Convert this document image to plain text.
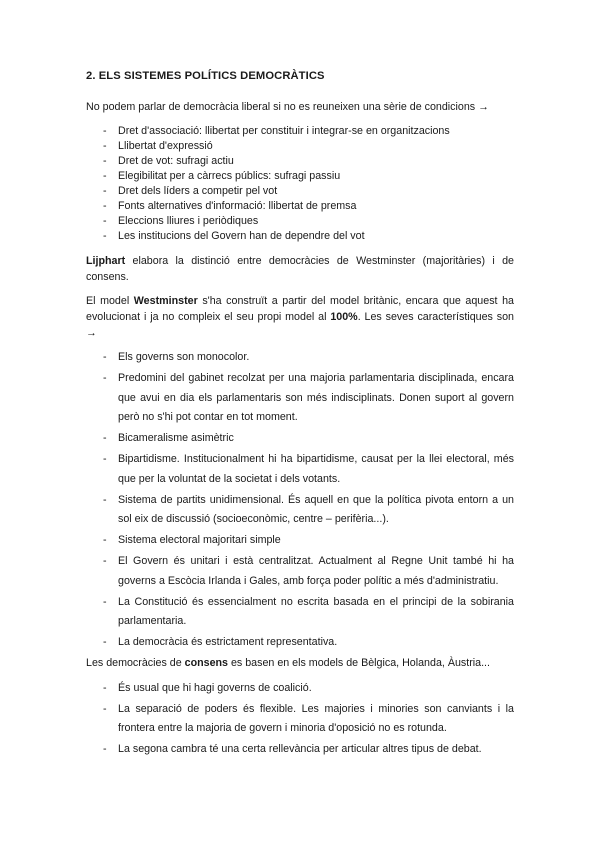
2. ELS SISTEMES POLÍTICS DEMOCRÀTICS

No podem parlar de democràcia liberal si no es reuneixen una sèrie de condicions →

- Dret d'associació: llibertat per constituir i integrar-se en organitzacions
- Llibertat d'expressió
- Dret de vot: sufragi actiu
- Elegibilitat per a càrrecs públics: sufragi passiu
- Dret dels líders a competir pel vot
- Fonts alternatives d'informació: llibertat de premsa
- Eleccions lliures i periòdiques
- Les institucions del Govern han de dependre del vot

Lijphart elabora la distinció entre democràcies de Westminster (majoritàries) i de consens.

El model Westminster s'ha construït a partir del model britànic, encara que aquest ha evolucionat i ja no compleix el seu propi model al 100%. Les seves característiques son →

- Els governs son monocolor.
- Predomini del gabinet recolzat per una majoria parlamentaria disciplinada, encara que avui en dia els parlamentaris son més indisciplinats. Donen suport al govern però no s'hi pot contar en tot moment.
- Bicameralisme asimètric
- Bipartidisme. Institucionalment hi ha bipartidisme, causat per la llei electoral, més que per la voluntat de la societat i dels votants.
- Sistema de partits unidimensional. És aquell en que la política pivota entorn a un sol eix de discussió (socioeconòmic, centre – perifèria...).
- Sistema electoral majoritari simple
- El Govern és unitari i està centralitzat. Actualment al Regne Unit també hi ha governs a Escòcia Irlanda i Gales, amb força poder polític a més d'administratiu.
- La Constitució és essencialment no escrita basada en el principi de la sobirania parlamentaria.
- La democràcia és estrictament representativa.

Les democràcies de consens es basen en els models de Bèlgica, Holanda, Àustria...

- És usual que hi hagi governs de coalició.
- La separació de poders és flexible. Les majories i minories son canviants i la frontera entre la majoria de govern i minoria d'oposició no es rotunda.
- La segona cambra té una certa rellevància per articular altres tipus de debat.
